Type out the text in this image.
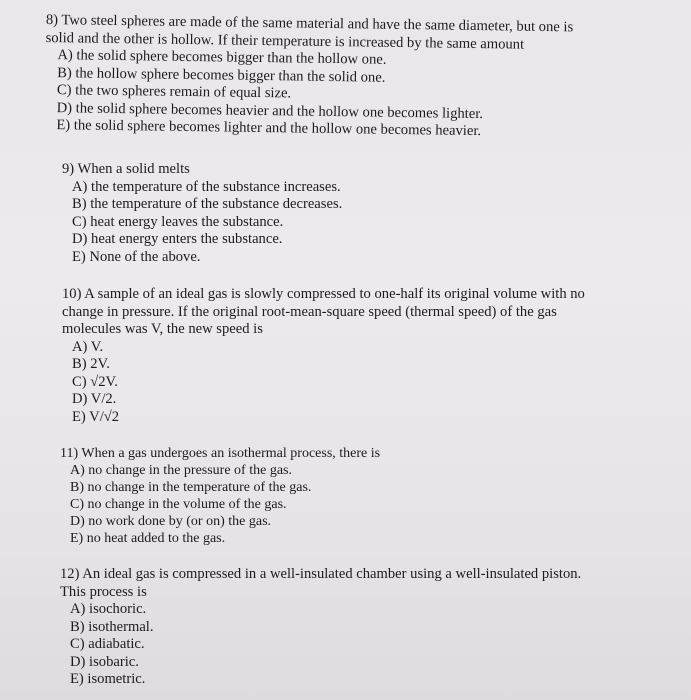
8) Two steel spheres are made of the same material and have the same diameter, but one is
solid and the other is hollow. If their temperature is increased by the same amount

A) the solid sphere becomes bigger than the hollow one.

B) the hollow sphere becomes bigger than the solid one.

C) the two spheres remain of equal size.

D) the solid sphere becomes heavier and the hollow one becomes lighter.

E) the solid sphere becomes lighter and the hollow one becomes heavier.

9) When a solid melts

A) the temperature of the substance increases.

B) the temperature of the substance decreases.

C) heat energy leaves the substance.

D) heat energy enters the substance.

E) None of the above.

10) A sample of an ideal gas is slowly compressed to one-half its original volume with no
change in pressure. If the original root-mean-square speed (thermal speed) of the gas
molecules was V, the new speed is

A) V.

B) 2V.

C) √2V.

D) V/2.

E) V/√2

11) When a gas undergoes an isothermal process, there is

A) no change in the pressure of the gas.

B) no change in the temperature of the gas.

C) no change in the volume of the gas.

D) no work done by (or on) the gas.

E) no heat added to the gas.

12) An ideal gas is compressed in a well-insulated chamber using a well-insulated piston.
This process is

A) isochoric.

B) isothermal.

C) adiabatic.

D) isobaric.

E) isometric.
